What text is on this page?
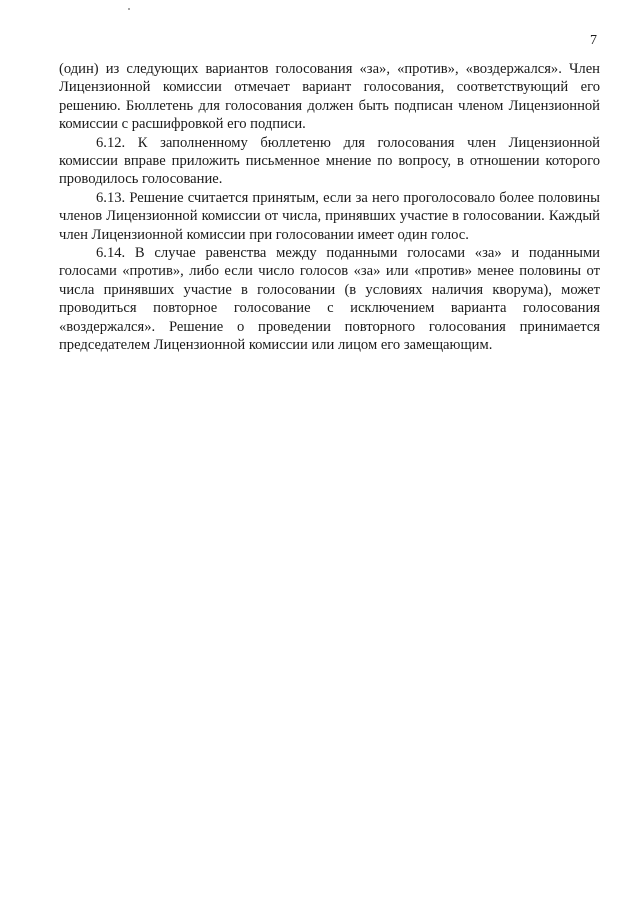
7

(один) из следующих вариантов голосования «за», «против», «воздержался». Член Лицензионной комиссии отмечает вариант голосования, соответствующий его решению. Бюллетень для голосования должен быть подписан членом Лицензионной комиссии с расшифровкой его подписи.

6.12. К заполненному бюллетеню для голосования член Лицензионной комиссии вправе приложить письменное мнение по вопросу, в отношении которого проводилось голосование.

6.13. Решение считается принятым, если за него проголосовало более половины членов Лицензионной комиссии от числа, принявших участие в голосовании. Каждый член Лицензионной комиссии при голосовании имеет один голос.

6.14. В случае равенства между поданными голосами «за» и поданными голосами «против», либо если число голосов «за» или «против» менее половины от числа принявших участие в голосовании (в условиях наличия кворума), может проводиться повторное голосование с исключением варианта голосования «воздержался». Решение о проведении повторного голосования принимается председателем Лицензионной комиссии или лицом его замещающим.
